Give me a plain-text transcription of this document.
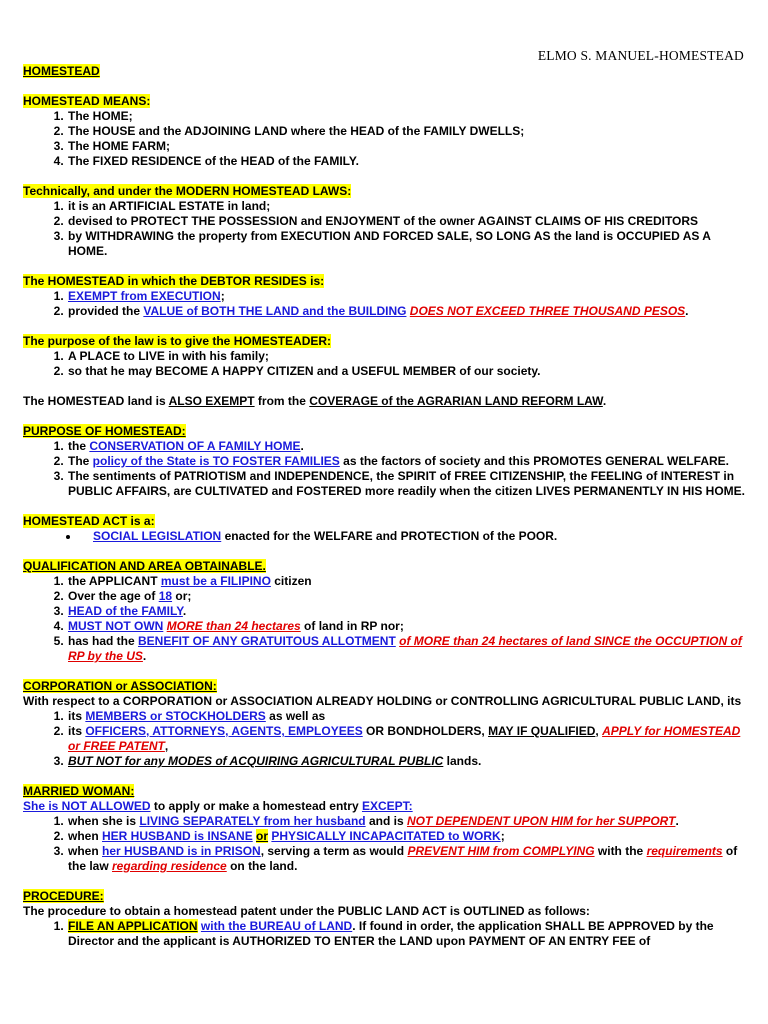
ELMO S. MANUEL-HOMESTEAD
HOMESTEAD
HOMESTEAD MEANS:
1. The HOME;
2. The HOUSE and the ADJOINING LAND where the HEAD of the FAMILY DWELLS;
3. The HOME FARM;
4. The FIXED RESIDENCE of the HEAD of the FAMILY.
Technically, and under the MODERN HOMESTEAD LAWS:
1. it is an ARTIFICIAL ESTATE in land;
2. devised to PROTECT THE POSSESSION and ENJOYMENT of the owner AGAINST CLAIMS OF HIS CREDITORS
3. by WITHDRAWING the property from EXECUTION AND FORCED SALE, SO LONG AS the land is OCCUPIED AS A HOME.
The HOMESTEAD in which the DEBTOR RESIDES is:
1. EXEMPT from EXECUTION;
2. provided the VALUE of BOTH THE LAND and the BUILDING DOES NOT EXCEED THREE THOUSAND PESOS.
The purpose of the law is to give the HOMESTEADER:
1. A PLACE to LIVE in with his family;
2. so that he may BECOME A HAPPY CITIZEN and a USEFUL MEMBER of our society.
The HOMESTEAD land is ALSO EXEMPT from the COVERAGE of the AGRARIAN LAND REFORM LAW.
PURPOSE OF HOMESTEAD:
1. the CONSERVATION OF A FAMILY HOME.
2. The policy of the State is TO FOSTER FAMILIES as the factors of society and this PROMOTES GENERAL WELFARE.
3. The sentiments of PATRIOTISM and INDEPENDENCE, the SPIRIT of FREE CITIZENSHIP, the FEELING of INTEREST in PUBLIC AFFAIRS, are CULTIVATED and FOSTERED more readily when the citizen LIVES PERMANENTLY IN HIS HOME.
HOMESTEAD ACT is a:
• SOCIAL LEGISLATION enacted for the WELFARE and PROTECTION of the POOR.
QUALIFICATION AND AREA OBTAINABLE.
1. the APPLICANT must be a FILIPINO citizen
2. Over the age of 18 or;
3. HEAD of the FAMILY.
4. MUST NOT OWN MORE than 24 hectares of land in RP nor;
5. has had the BENEFIT OF ANY GRATUITOUS ALLOTMENT of MORE than 24 hectares of land SINCE the OCCUPTION of RP by the US.
CORPORATION or ASSOCIATION:
With respect to a CORPORATION or ASSOCIATION ALREADY HOLDING or CONTROLLING AGRICULTURAL PUBLIC LAND, its
1. its MEMBERS or STOCKHOLDERS as well as
2. its OFFICERS, ATTORNEYS, AGENTS, EMPLOYEES OR BONDHOLDERS, MAY IF QUALIFIED, APPLY for HOMESTEAD or FREE PATENT,
3. BUT NOT for any MODES of ACQUIRING AGRICULTURAL PUBLIC lands.
MARRIED WOMAN:
She is NOT ALLOWED to apply or make a homestead entry EXCEPT:
1. when she is LIVING SEPARATELY from her husband and is NOT DEPENDENT UPON HIM for her SUPPORT.
2. when HER HUSBAND is INSANE or PHYSICALLY INCAPACITATED to WORK;
3. when her HUSBAND is in PRISON, serving a term as would PREVENT HIM from COMPLYING with the requirements of the law regarding residence on the land.
PROCEDURE:
The procedure to obtain a homestead patent under the PUBLIC LAND ACT is OUTLINED as follows:
1. FILE AN APPLICATION with the BUREAU of LAND. If found in order, the application SHALL BE APPROVED by the Director and the applicant is AUTHORIZED TO ENTER the LAND upon PAYMENT OF AN ENTRY FEE of
